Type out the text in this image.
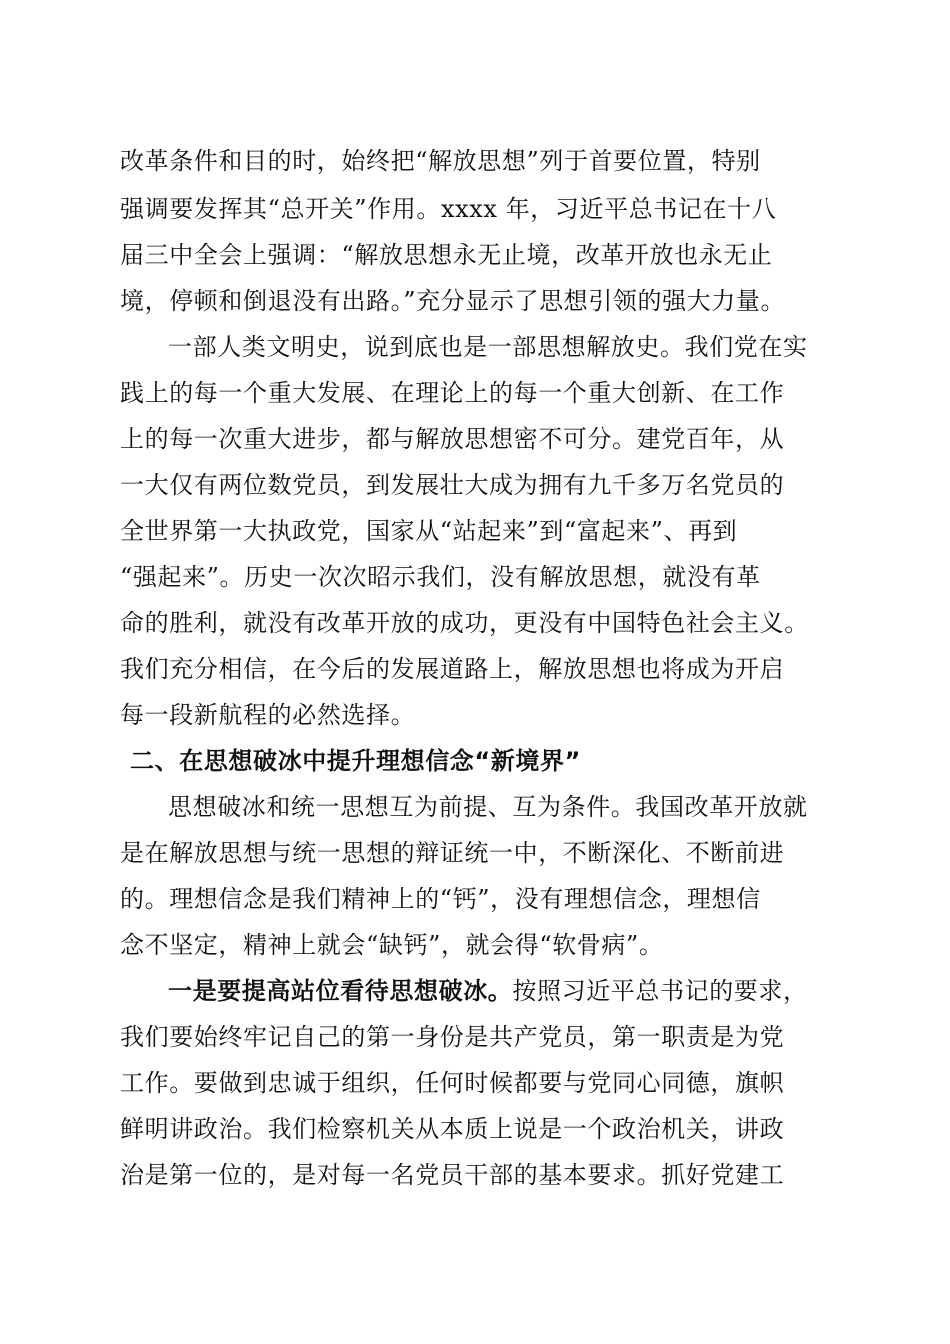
改革条件和目的时，始终把“解放思想”列于首要位置，特别
强调要发挥其“总开关”作用。xxxx 年，习近平总书记在十八
届三中全会上强调：“解放思想永无止境，改革开放也永无止
境，停顿和倒退没有出路。”充分显示了思想引领的强大力量。
一部人类文明史，说到底也是一部思想解放史。我们党在实
践上的每一个重大发展、在理论上的每一个重大创新、在工作
上的每一次重大进步，都与解放思想密不可分。建党百年，从
一大仅有两位数党员，到发展壮大成为拥有九千多万名党员的
全世界第一大执政党，国家从“站起来”到“富起来”、再到
“强起来”。历史一次次昭示我们，没有解放思想，就没有革
命的胜利，就没有改革开放的成功，更没有中国特色社会主义。
我们充分相信，在今后的发展道路上，解放思想也将成为开启
每一段新航程的必然选择。
二、在思想破冰中提升理想信念“新境界”
思想破冰和统一思想互为前提、互为条件。我国改革开放就
是在解放思想与统一思想的辩证统一中，不断深化、不断前进
的。理想信念是我们精神上的“钙”，没有理想信念，理想信
念不坚定，精神上就会“缺钙”，就会得“软骨病”。
一是要提高站位看待思想破冰。按照习近平总书记的要求，
我们要始终牢记自己的第一身份是共产党员，第一职责是为党
工作。要做到忠诚于组织，任何时候都要与党同心同德，旗帜
鲜明讲政治。我们检察机关从本质上说是一个政治机关，讲政
治是第一位的，是对每一名党员干部的基本要求。抓好党建工
